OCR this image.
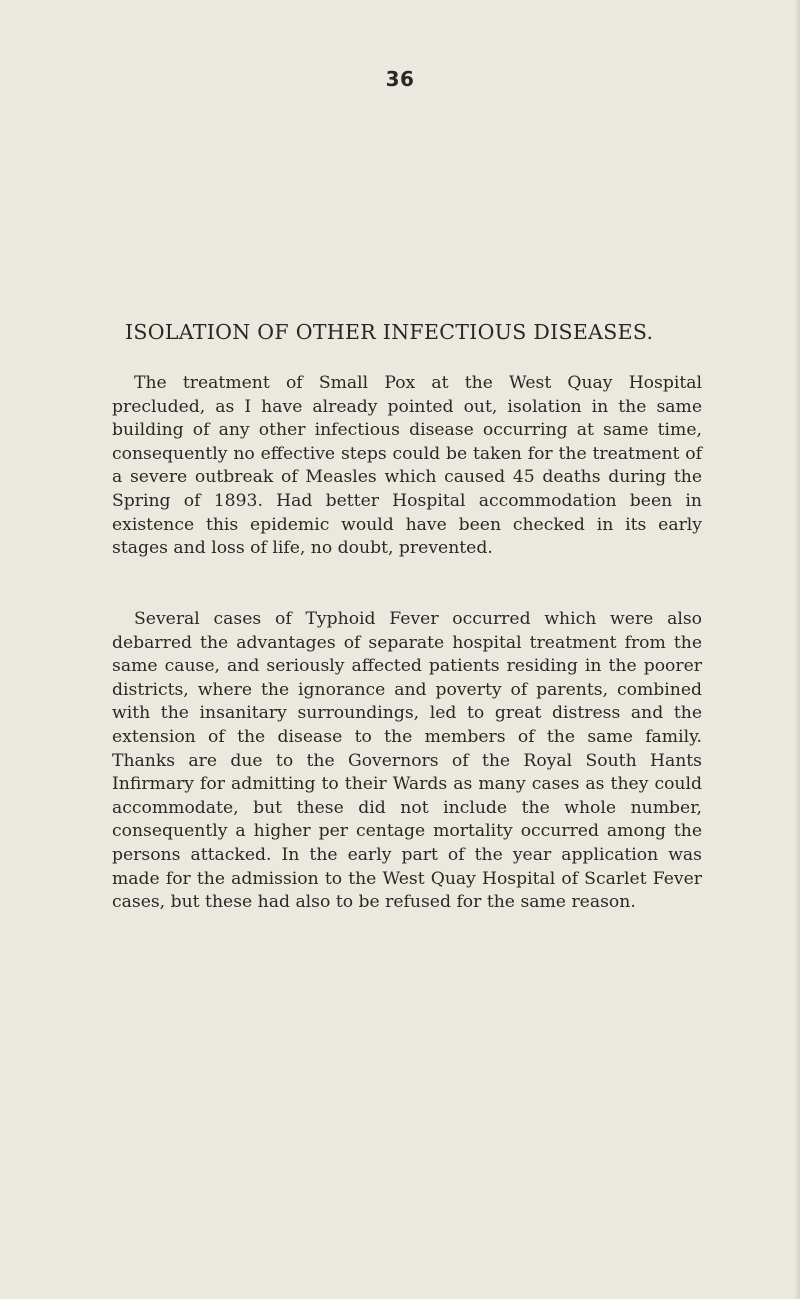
36
ISOLATION OF OTHER INFECTIOUS DISEASES.

The treatment of Small Pox at the West Quay Hospital precluded, as I have already pointed out, isolation in the same building of any other infectious disease occurring at same time, consequently no effective steps could be taken for the treatment of a severe outbreak of Measles which caused 45 deaths during the Spring of 1893. Had better Hospital accommodation been in existence this epidemic would have been checked in its early stages and loss of life, no doubt, prevented.

Several cases of Typhoid Fever occurred which were also debarred the advantages of separate hospital treatment from the same cause, and seriously affected patients residing in the poorer districts, where the ignorance and poverty of parents, combined with the insanitary surroundings, led to great distress and the extension of the disease to the members of the same family. Thanks are due to the Governors of the Royal South Hants Infirmary for admitting to their Wards as many cases as they could accommodate, but these did not include the whole number, consequently a higher per centage mortality occurred among the persons attacked. In the early part of the year application was made for the admission to the West Quay Hospital of Scarlet Fever cases, but these had also to be refused for the same reason.
